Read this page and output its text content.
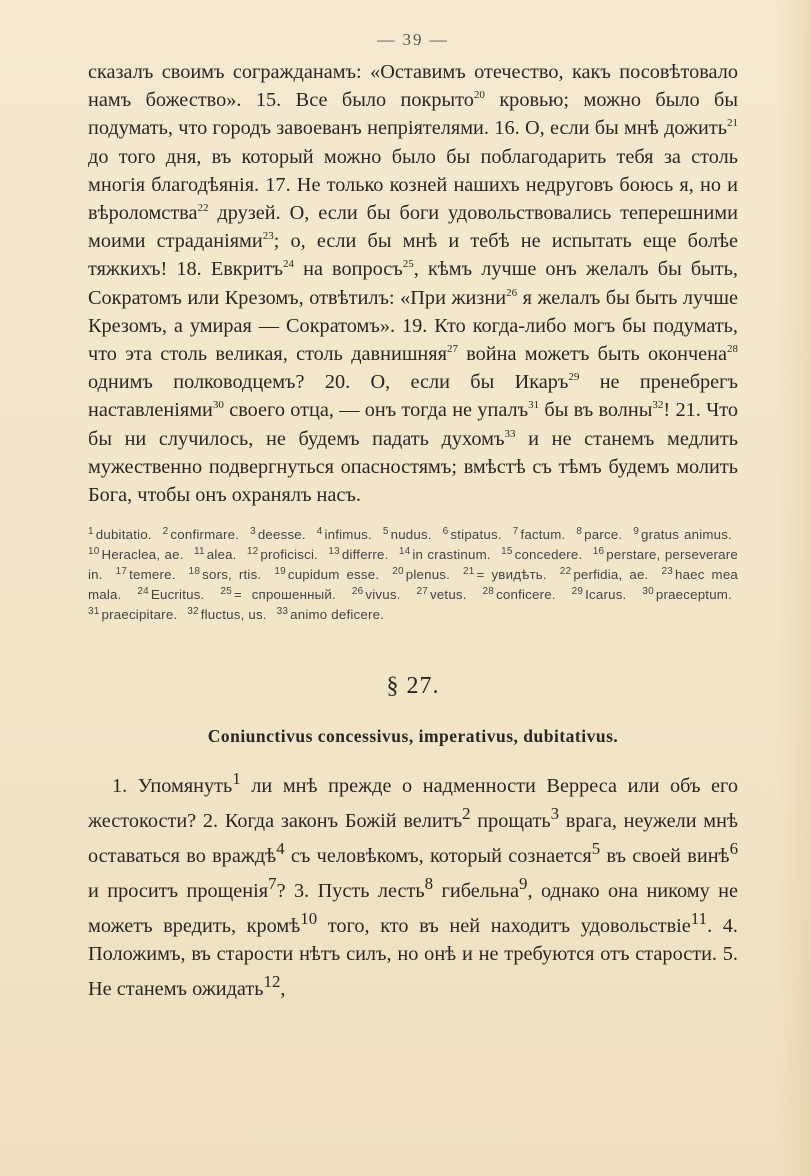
— 39 —

сказалъ своимъ согражданамъ: «Оставимъ отечество, какъ посовѣтовало намъ божество». 15. Все было покрыто$^{20}$ кровью; можно было бы подумать, что городъ завоеванъ непріятелями. 16. О, если бы мнѣ дожить$^{21}$ до того дня, въ который можно было бы поблагодарить тебя за столь многія благодѣянія. 17. Не только козней нашихъ недруговъ боюсь я, но и вѣроломства$^{22}$ друзей. О, если бы боги удовольствовались теперешними моими страданіями$^{23}$; о, если бы мнѣ и тебѣ не испытать еще болѣе тяжкихъ! 18. Евкритъ$^{24}$ на вопросъ$^{25}$, кѣмъ лучше онъ желалъ бы быть, Сократомъ или Крезомъ, отвѣтилъ: «При жизни$^{26}$ я желалъ бы быть лучше Крезомъ, а умирая — Сократомъ». 19. Кто когда-либо могъ бы подумать, что эта столь великая, столь давнишняя$^{27}$ война можетъ быть окончена$^{28}$ однимъ полководцемъ? 20. О, если бы Икаръ$^{29}$ не пренебрегъ наставленіями$^{30}$ своего отца, — онъ тогда не упалъ$^{31}$ бы въ волны$^{32}$! 21. Что бы ни случилось, не будемъ падать духомъ$^{33}$ и не станемъ медлить мужественно подвергнуться опасностямъ; вмѣстѣ съ тѣмъ будемъ молить Бога, чтобы онъ охранялъ насъ.

$^1$ dubitatio. $^2$ confirmare. $^3$ deesse. $^4$ infimus. $^5$ nudus. $^6$ stipatus. $^7$ factum. $^8$ parce. $^9$ gratus animus. $^{10}$ Heraclea, ae. $^{11}$ alea. $^{12}$ proficisci. $^{13}$ differre. $^{14}$ in crastinum. $^{15}$ concedere. $^{16}$ perstare, perseverare in. $^{17}$ temere. $^{18}$ sors, rtis. $^{19}$ cupidum esse. $^{20}$ plenus. $^{21}$ = увидѣть. $^{22}$ perfidia, ae. $^{23}$ haec mea mala. $^{24}$ Eucritus. $^{25}$ = спрошенный. $^{26}$ vivus. $^{27}$ vetus. $^{28}$ conficere. $^{29}$ Icarus. $^{30}$ praeceptum. $^{31}$ praecipitare. $^{32}$ fluctus, us. $^{33}$ animo deficere.
§ 27.
Coniunctivus concessivus, imperativus, dubitativus.

1. Упомянуть$^1$ ли мнѣ прежде о надменности Верреса или объ его жестокости? 2. Когда законъ Божій велитъ$^2$ прощать$^3$ врага, неужели мнѣ оставаться во враждѣ$^4$ съ человѣкомъ, который сознается$^5$ въ своей винѣ$^6$ и проситъ прощенія$^7$? 3. Пусть лесть$^8$ гибельна$^9$, однако она никому не можетъ вредить, кромѣ$^{10}$ того, кто въ ней находитъ удовольствіе$^{11}$. 4. Положимъ, въ старости нѣтъ силъ, но онѣ и не требуются отъ старости. 5. Не станемъ ожидать$^{12}$,
